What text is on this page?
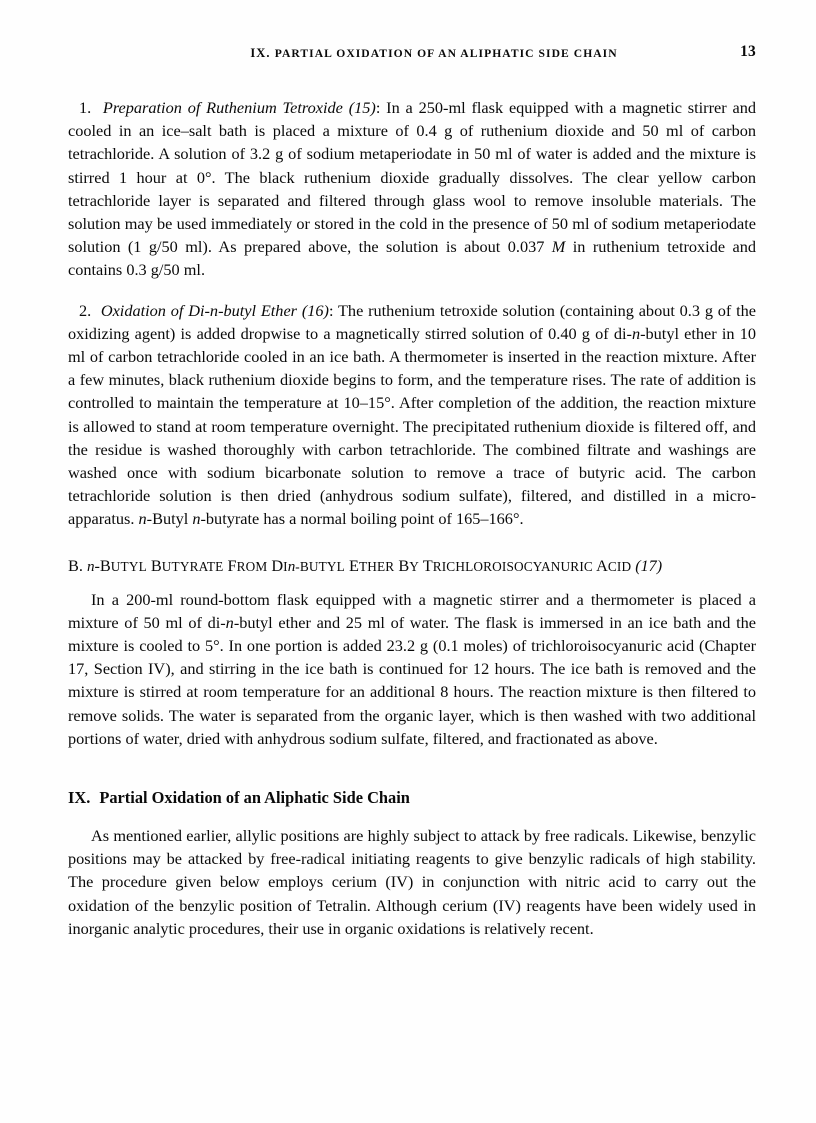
IX. PARTIAL OXIDATION OF AN ALIPHATIC SIDE CHAIN	13

1. Preparation of Ruthenium Tetroxide (15): In a 250-ml flask equipped with a magnetic stirrer and cooled in an ice–salt bath is placed a mixture of 0.4 g of ruthenium dioxide and 50 ml of carbon tetrachloride. A solution of 3.2 g of sodium metaperiodate in 50 ml of water is added and the mixture is stirred 1 hour at 0°. The black ruthenium dioxide gradually dissolves. The clear yellow carbon tetrachloride layer is separated and filtered through glass wool to remove insoluble materials. The solution may be used immediately or stored in the cold in the presence of 50 ml of sodium metaperiodate solution (1 g/50 ml). As prepared above, the solution is about 0.037 M in ruthenium tetroxide and contains 0.3 g/50 ml.

2. Oxidation of Di-n-butyl Ether (16): The ruthenium tetroxide solution (containing about 0.3 g of the oxidizing agent) is added dropwise to a magnetically stirred solution of 0.40 g of di-n-butyl ether in 10 ml of carbon tetrachloride cooled in an ice bath. A thermometer is inserted in the reaction mixture. After a few minutes, black ruthenium dioxide begins to form, and the temperature rises. The rate of addition is controlled to maintain the temperature at 10–15°. After completion of the addition, the reaction mixture is allowed to stand at room temperature overnight. The precipitated ruthenium dioxide is filtered off, and the residue is washed thoroughly with carbon tetrachloride. The combined filtrate and washings are washed once with sodium bicarbonate solution to remove a trace of butyric acid. The carbon tetrachloride solution is then dried (anhydrous sodium sulfate), filtered, and distilled in a micro-apparatus. n-Butyl n-butyrate has a normal boiling point of 165–166°.

B. n-BUTYL BUTYRATE FROM DIn-BUTYL ETHER BY TRICHLOROISOCYANURIC ACID (17)

In a 200-ml round-bottom flask equipped with a magnetic stirrer and a thermometer is placed a mixture of 50 ml of di-n-butyl ether and 25 ml of water. The flask is immersed in an ice bath and the mixture is cooled to 5°. In one portion is added 23.2 g (0.1 moles) of trichloroisocyanuric acid (Chapter 17, Section IV), and stirring in the ice bath is continued for 12 hours. The ice bath is removed and the mixture is stirred at room temperature for an additional 8 hours. The reaction mixture is then filtered to remove solids. The water is separated from the organic layer, which is then washed with two additional portions of water, dried with anhydrous sodium sulfate, filtered, and fractionated as above.

IX. Partial Oxidation of an Aliphatic Side Chain

As mentioned earlier, allylic positions are highly subject to attack by free radicals. Likewise, benzylic positions may be attacked by free-radical initiating reagents to give benzylic radicals of high stability. The procedure given below employs cerium (IV) in conjunction with nitric acid to carry out the oxidation of the benzylic position of Tetralin. Although cerium (IV) reagents have been widely used in inorganic analytic procedures, their use in organic oxidations is relatively recent.
